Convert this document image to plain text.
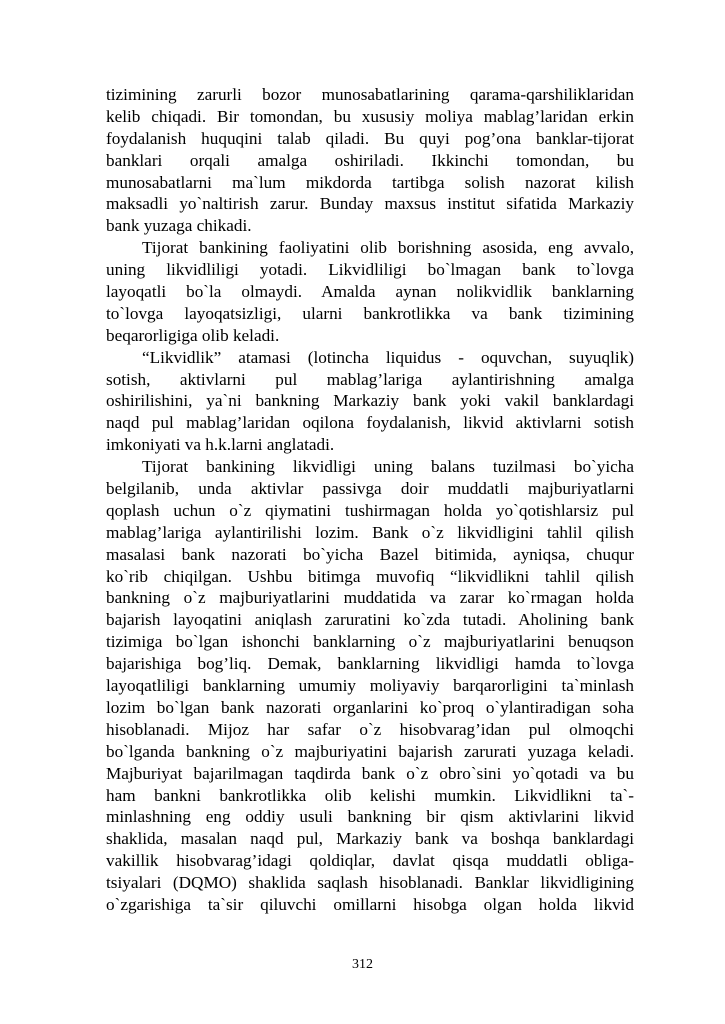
tizimining zarurli bozor munosabatlarining qarama-qarshiliklaridan
kelib chiqadi. Bir tomondan, bu xususiy moliya mablag’laridan erkin
foydalanish huquqini talab qiladi. Bu quyi pog’ona banklar-tijorat
banklari orqali amalga oshiriladi. Ikkinchi tomondan, bu
munosabatlarni ma`lum mikdorda tartibga solish nazorat kilish
maksadli yo`naltirish zarur. Bunday maxsus institut sifatida Markaziy
bank yuzaga chikadi.
Tijorat bankining faoliyatini olib borishning asosida, eng avvalo,
uning likvidliligi yotadi. Likvidliligi bo`lmagan bank to`lovga
layoqatli bo`la olmaydi. Amalda aynan nolikvidlik banklarning
to`lovga layoqatsizligi, ularni bankrotlikka va bank tizimining
beqarorligiga olib keladi.
“Likvidlik” atamasi (lotincha liquidus - oquvchan, suyuqlik)
sotish, aktivlarni pul mablag’lariga aylantirishning amalga
oshirilishini, ya`ni bankning Markaziy bank yoki vakil banklardagi
naqd pul mablag’laridan oqilona foydalanish, likvid aktivlarni sotish
imkoniyati va h.k.larni anglatadi.
Tijorat bankining likvidligi uning balans tuzilmasi bo`yicha
belgilanib, unda aktivlar passivga doir muddatli majburiyatlarni
qoplash uchun o`z qiymatini tushirmagan holda yo`qotishlarsiz pul
mablag’lariga aylantirilishi lozim. Bank o`z likvidligini tahlil qilish
masalasi bank nazorati bo`yicha Bazel bitimida, ayniqsa, chuqur
ko`rib chiqilgan. Ushbu bitimga muvofiq “likvidlikni tahlil qilish
bankning o`z majburiyatlarini muddatida va zarar ko`rmagan holda
bajarish layoqatini aniqlash zaruratini ko`zda tutadi. Aholining bank
tizimiga bo`lgan ishonchi banklarning o`z majburiyatlarini benuqson
bajarishiga bog’liq. Demak, banklarning likvidligi hamda to`lovga
layoqatliligi banklarning umumiy moliyaviy barqarorligini ta`minlash
lozim bo`lgan bank nazorati organlarini ko`proq o`ylantiradigan soha
hisoblanadi. Mijoz har safar o`z hisobvarag’idan pul olmoqchi
bo`lganda bankning o`z majburiyatini bajarish zarurati yuzaga keladi.
Majburiyat bajarilmagan taqdirda bank o`z obro`sini yo`qotadi va bu
ham bankni bankrotlikka olib kelishi mumkin. Likvidlikni ta`-
minlashning eng oddiy usuli bankning bir qism aktivlarini likvid
shaklida, masalan naqd pul, Markaziy bank va boshqa banklardagi
vakillik hisobvarag’idagi qoldiqlar, davlat qisqa muddatli obliga-
tsiyalari (DQMO) shaklida saqlash hisoblanadi. Banklar likvidligining
o`zgarishiga ta`sir qiluvchi omillarni hisobga olgan holda likvid
312
